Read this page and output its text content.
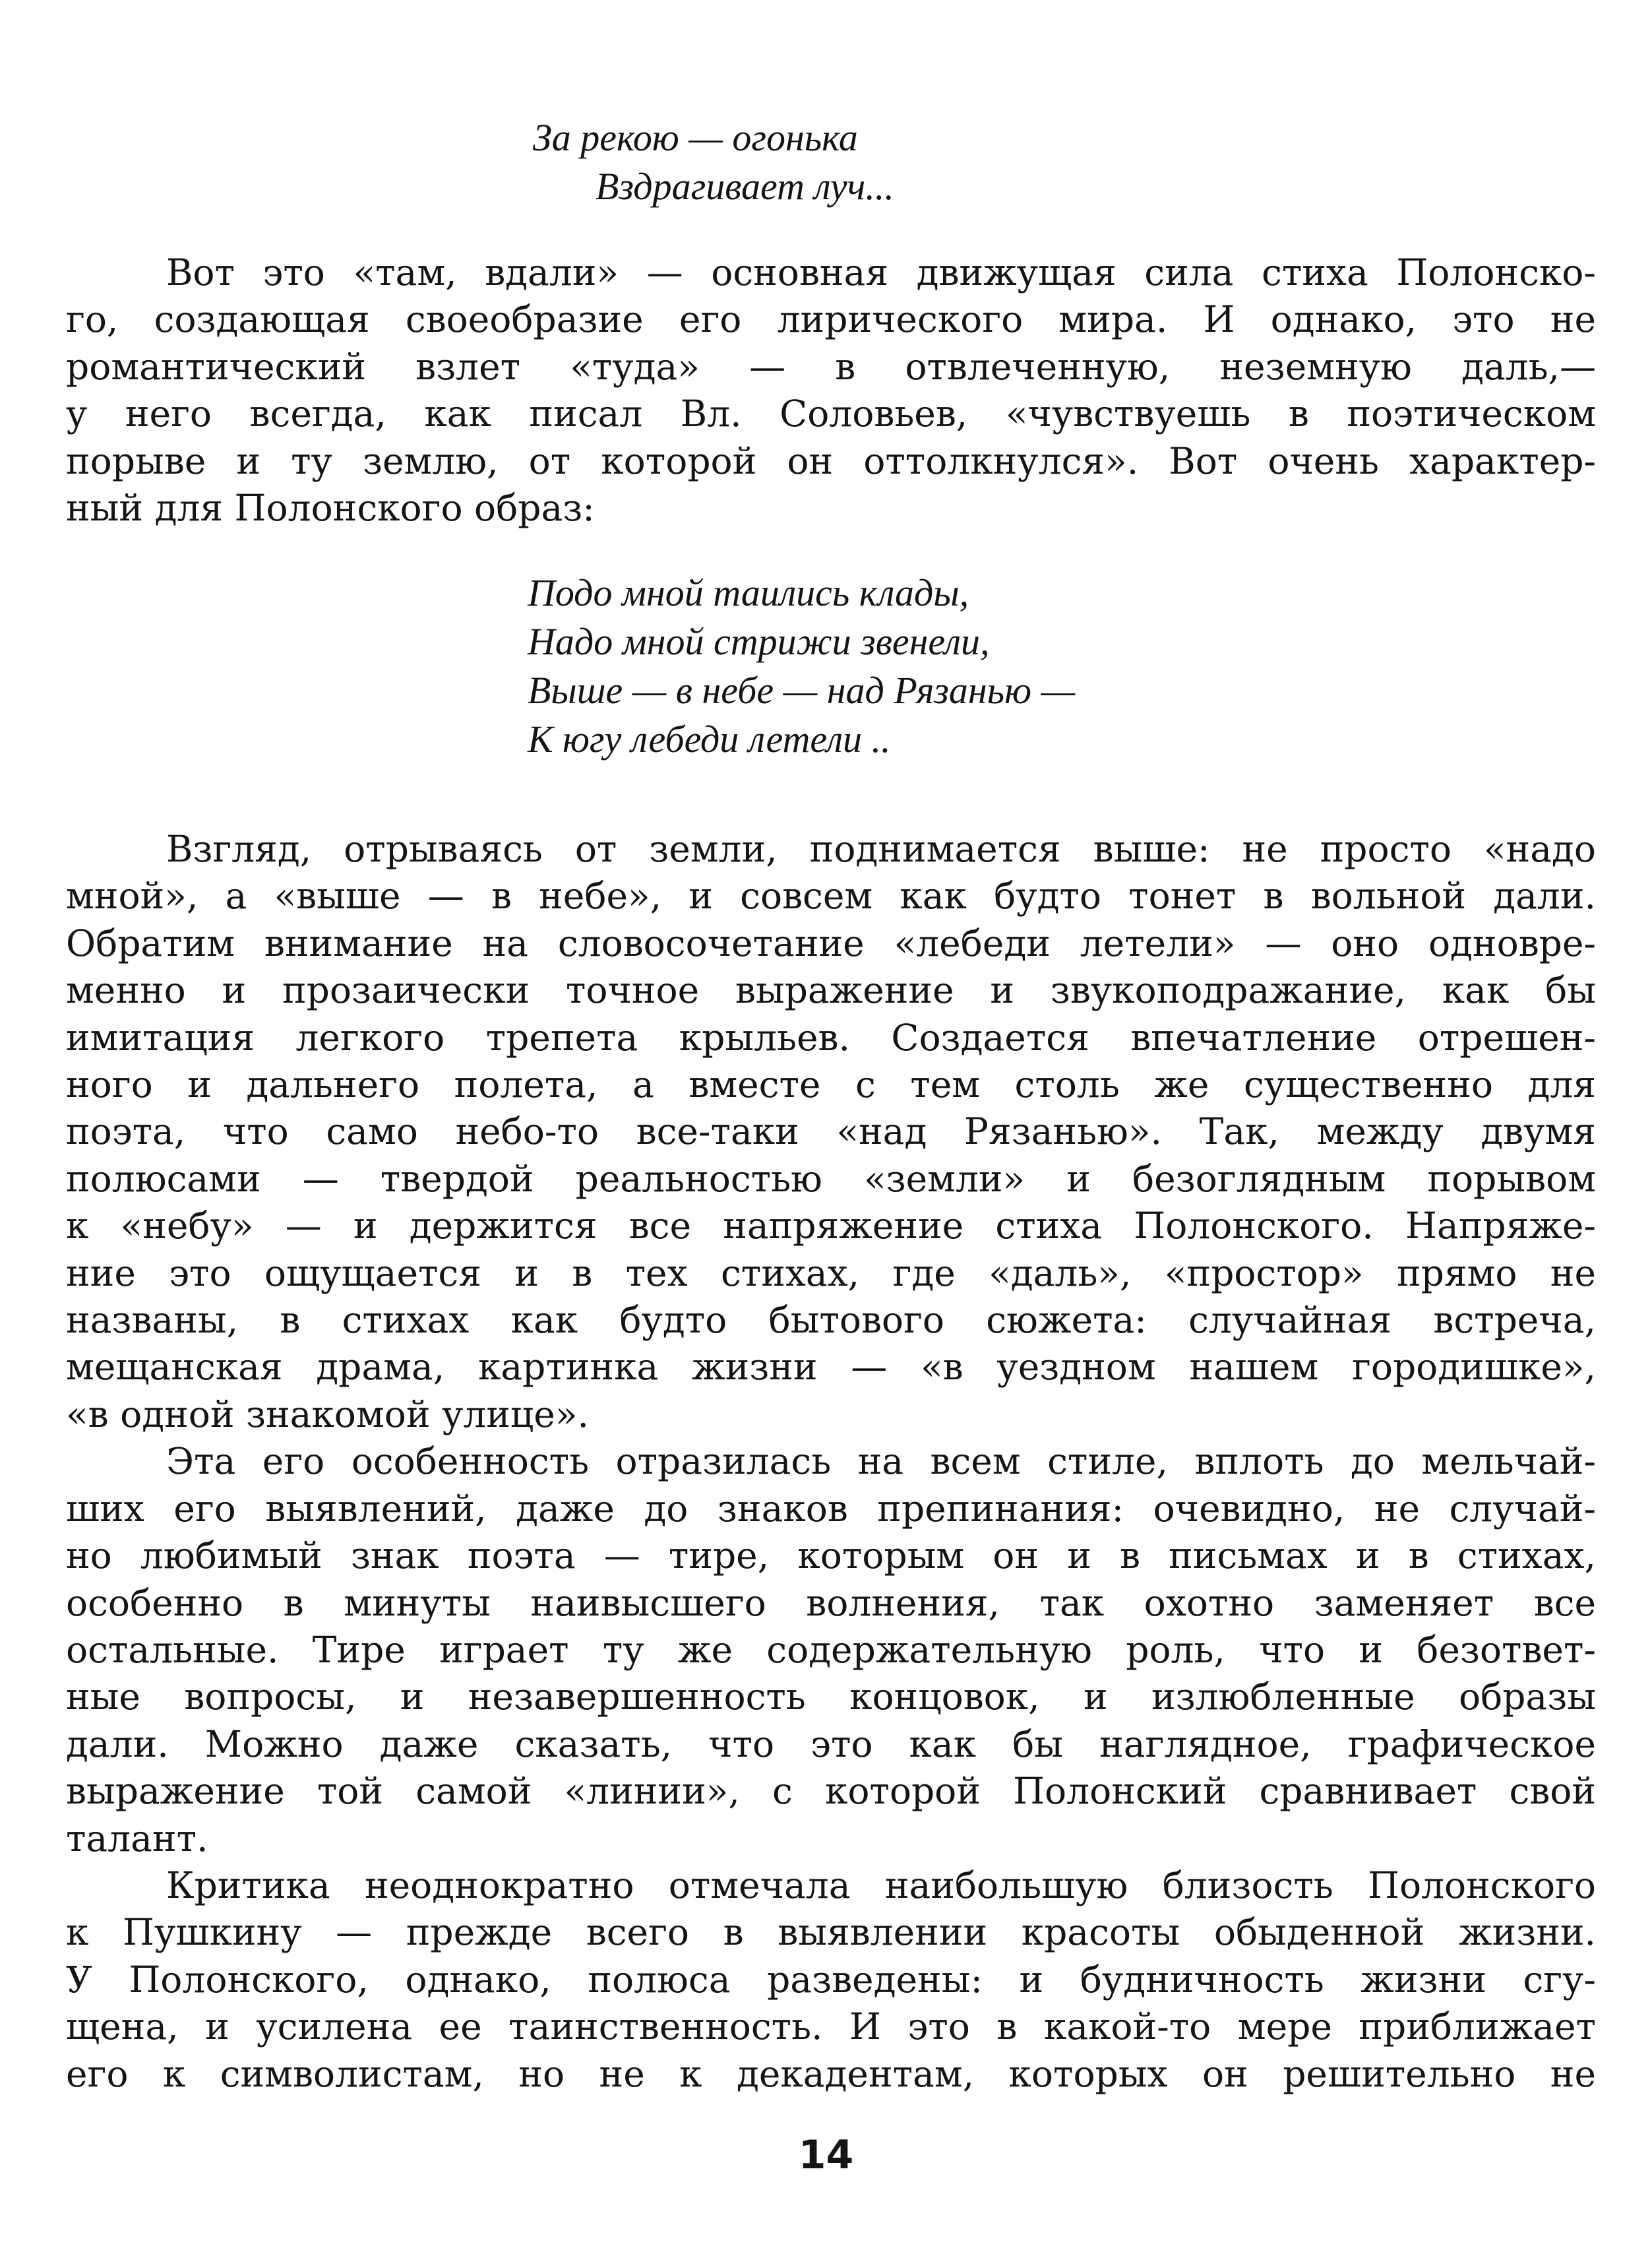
За рекою — огонька
Вздрагивает луч...

Вот это «там, вдали» — основная движущая сила стиха Полонско-
го, создающая своеобразие его лирического мира. И однако, это не
романтический взлет «туда» — в отвлеченную, неземную даль,—
у него всегда, как писал Вл. Соловьев, «чувствуешь в поэтическом
порыве и ту землю, от которой он оттолкнулся». Вот очень характер-
ный для Полонского образ:

Подо мной таились клады,
Надо мной стрижи звенели,
Выше — в небе — над Рязанью —
К югу лебеди летели ..

Взгляд, отрываясь от земли, поднимается выше: не просто «надо
мной», а «выше — в небе», и совсем как будто тонет в вольной дали.
Обратим внимание на словосочетание «лебеди летели» — оно одновре-
менно и прозаически точное выражение и звукоподражание, как бы
имитация легкого трепета крыльев. Создается впечатление отрешен-
ного и дальнего полета, а вместе с тем столь же существенно для
поэта, что само небо-то все-таки «над Рязанью». Так, между двумя
полюсами — твердой реальностью «земли» и безоглядным порывом
к «небу» — и держится все напряжение стиха Полонского. Напряже-
ние это ощущается и в тех стихах, где «даль», «простор» прямо не
названы, в стихах как будто бытового сюжета: случайная встреча,
мещанская драма, картинка жизни — «в уездном нашем городишке»,
«в одной знакомой улице».

Эта его особенность отразилась на всем стиле, вплоть до мельчай-
ших его выявлений, даже до знаков препинания: очевидно, не случай-
но любимый знак поэта — тире, которым он и в письмах и в стихах,
особенно в минуты наивысшего волнения, так охотно заменяет все
остальные. Тире играет ту же содержательную роль, что и безответ-
ные вопросы, и незавершенность концовок, и излюбленные образы
дали. Можно даже сказать, что это как бы наглядное, графическое
выражение той самой «линии», с которой Полонский сравнивает свой
талант.

Критика неоднократно отмечала наибольшую близость Полонского
к Пушкину — прежде всего в выявлении красоты обыденной жизни.
У Полонского, однако, полюса разведены: и будничность жизни сгу-
щена, и усилена ее таинственность. И это в какой-то мере приближает
его к символистам, но не к декадентам, которых он решительно не

14
